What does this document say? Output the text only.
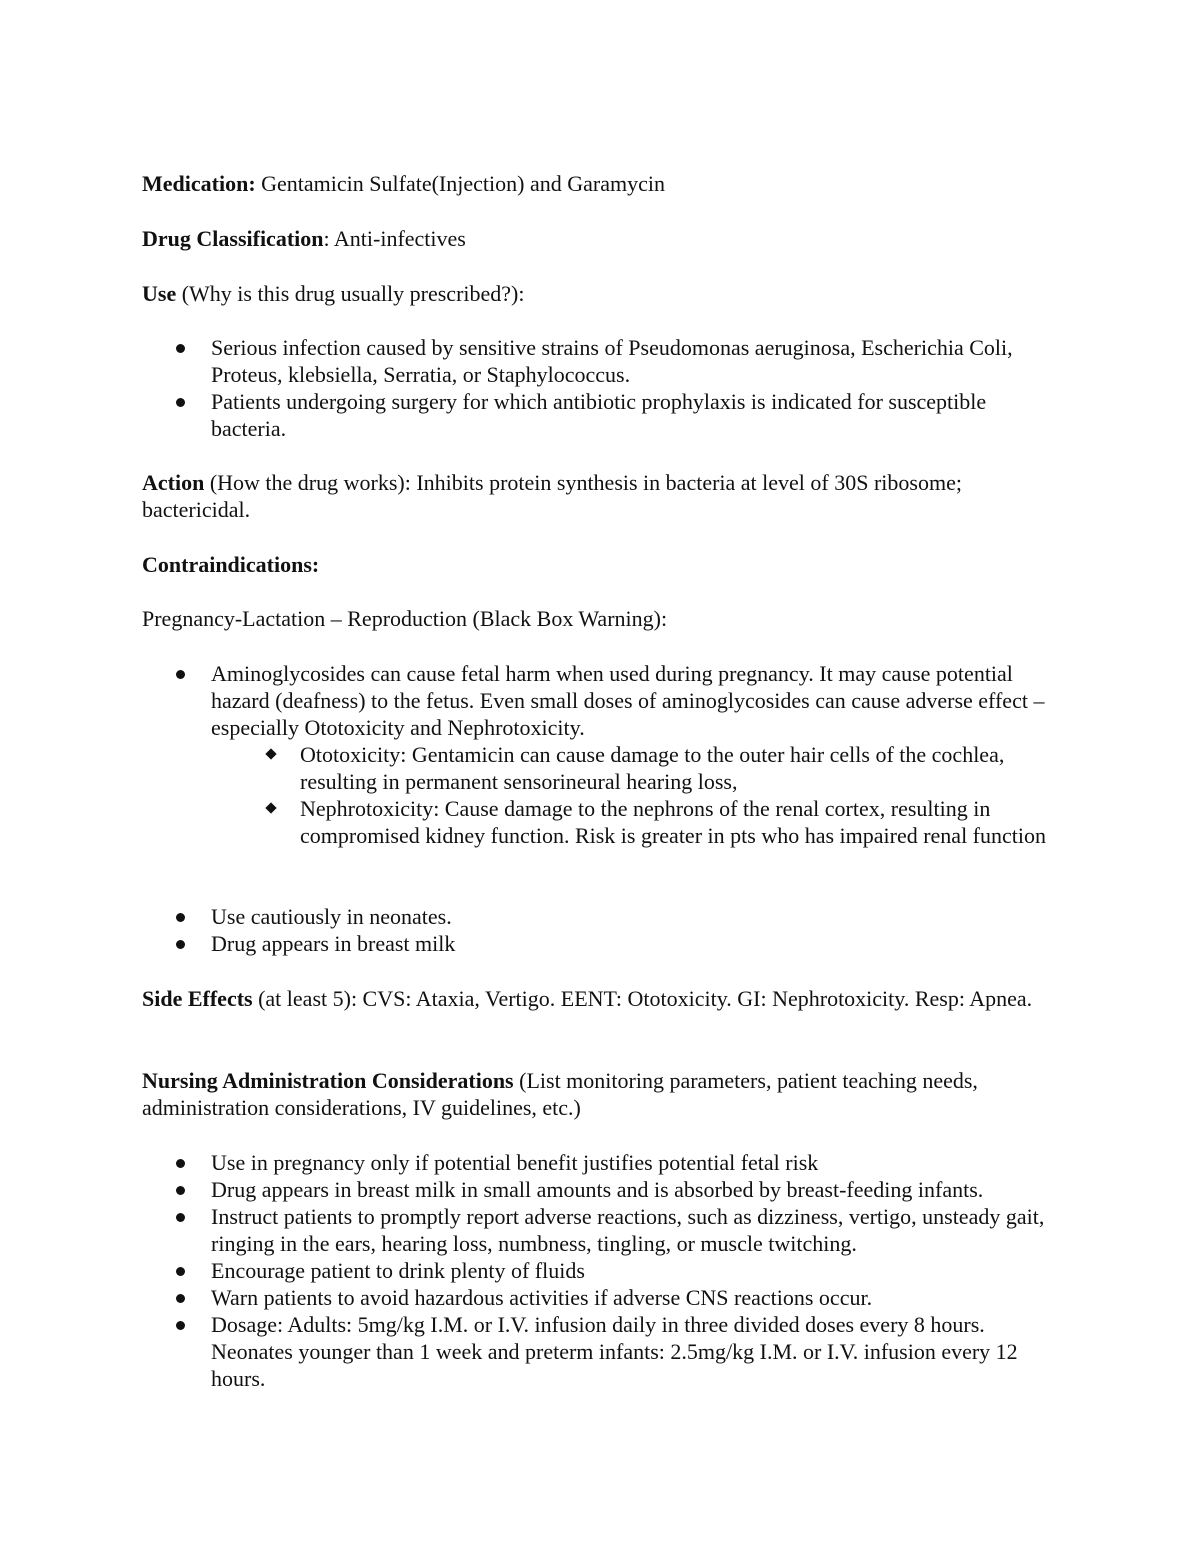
Medication: Gentamicin Sulfate(Injection) and Garamycin

Drug Classification: Anti-infectives

Use (Why is this drug usually prescribed?):

Serious infection caused by sensitive strains of Pseudomonas aeruginosa, Escherichia Coli, Proteus, klebsiella, Serratia, or Staphylococcus.
Patients undergoing surgery for which antibiotic prophylaxis is indicated for susceptible bacteria.

Action (How the drug works): Inhibits protein synthesis in bacteria at level of 30S ribosome; bactericidal.

Contraindications:

Pregnancy-Lactation – Reproduction (Black Box Warning):

Aminoglycosides can cause fetal harm when used during pregnancy. It may cause potential hazard (deafness) to the fetus. Even small doses of aminoglycosides can cause adverse effect – especially Ototoxicity and Nephrotoxicity.
Ototoxicity: Gentamicin can cause damage to the outer hair cells of the cochlea, resulting in permanent sensorineural hearing loss,
Nephrotoxicity: Cause damage to the nephrons of the renal cortex, resulting in compromised kidney function. Risk is greater in pts who has impaired renal function
Use cautiously in neonates.
Drug appears in breast milk

Side Effects (at least 5): CVS: Ataxia, Vertigo. EENT: Ototoxicity. GI: Nephrotoxicity. Resp: Apnea.

Nursing Administration Considerations (List monitoring parameters, patient teaching needs, administration considerations, IV guidelines, etc.)

Use in pregnancy only if potential benefit justifies potential fetal risk
Drug appears in breast milk in small amounts and is absorbed by breast-feeding infants.
Instruct patients to promptly report adverse reactions, such as dizziness, vertigo, unsteady gait, ringing in the ears, hearing loss, numbness, tingling, or muscle twitching.
Encourage patient to drink plenty of fluids
Warn patients to avoid hazardous activities if adverse CNS reactions occur.
Dosage: Adults: 5mg/kg I.M. or I.V. infusion daily in three divided doses every 8 hours. Neonates younger than 1 week and preterm infants: 2.5mg/kg I.M. or I.V. infusion every 12 hours.
